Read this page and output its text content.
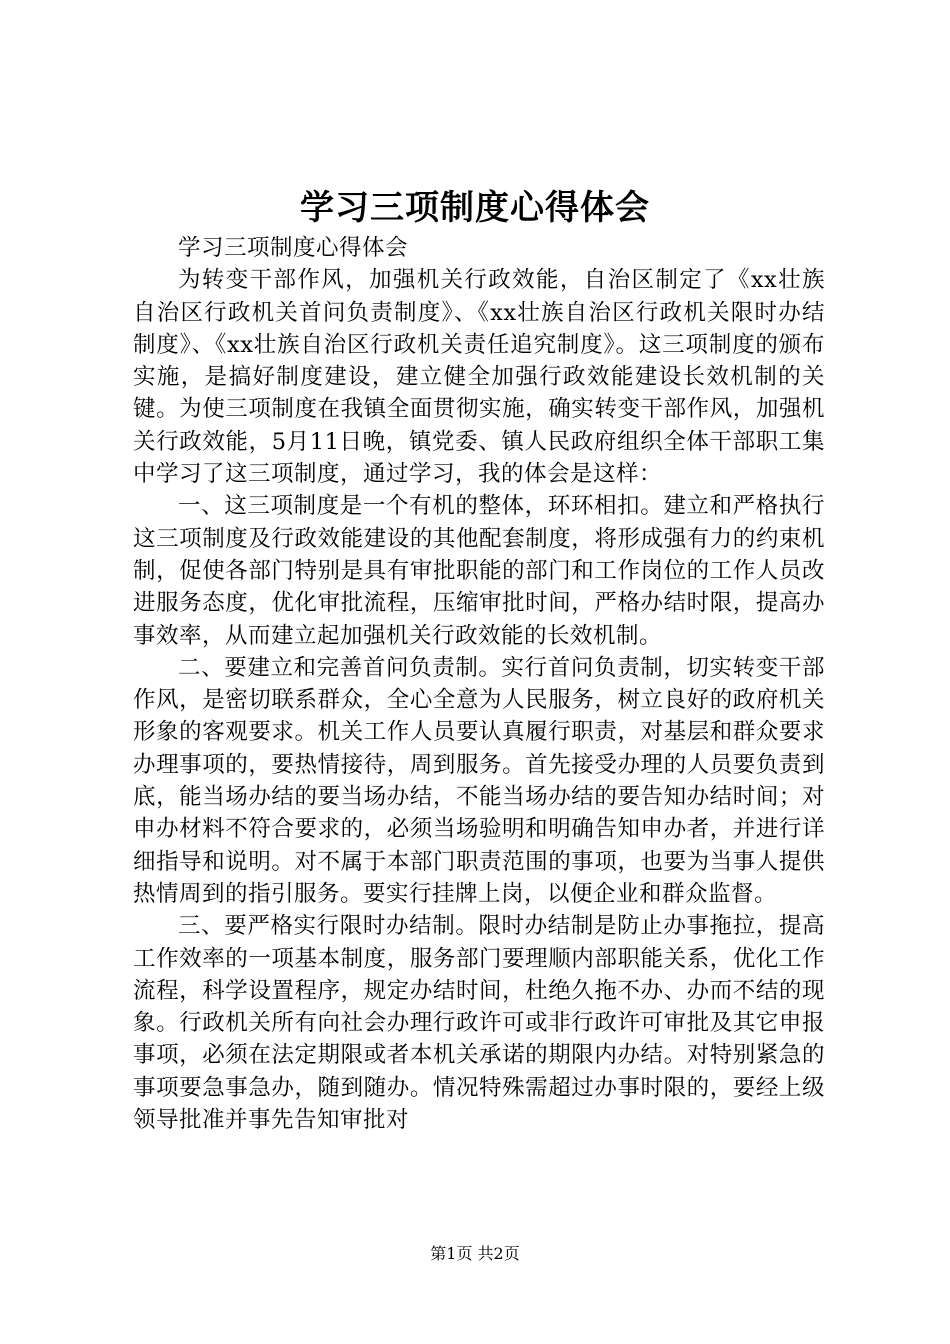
学习三项制度心得体会

学习三项制度心得体会

为转变干部作风，加强机关行政效能，自治区制定了《xx壮族自治区行政机关首问负责制度》、《xx壮族自治区行政机关限时办结制度》、《xx壮族自治区行政机关责任追究制度》。这三项制度的颁布实施，是搞好制度建设，建立健全加强行政效能建设长效机制的关键。为使三项制度在我镇全面贯彻实施，确实转变干部作风，加强机关行政效能，5月11日晚，镇党委、镇人民政府组织全体干部职工集中学习了这三项制度，通过学习，我的体会是这样：

一、这三项制度是一个有机的整体，环环相扣。建立和严格执行这三项制度及行政效能建设的其他配套制度，将形成强有力的约束机制，促使各部门特别是具有审批职能的部门和工作岗位的工作人员改进服务态度，优化审批流程，压缩审批时间，严格办结时限，提高办事效率，从而建立起加强机关行政效能的长效机制。

二、要建立和完善首问负责制。实行首问负责制，切实转变干部作风，是密切联系群众，全心全意为人民服务，树立良好的政府机关形象的客观要求。机关工作人员要认真履行职责，对基层和群众要求办理事项的，要热情接待，周到服务。首先接受办理的人员要负责到底，能当场办结的要当场办结，不能当场办结的要告知办结时间；对申办材料不符合要求的，必须当场验明和明确告知申办者，并进行详细指导和说明。对不属于本部门职责范围的事项，也要为当事人提供热情周到的指引服务。要实行挂牌上岗，以便企业和群众监督。

三、要严格实行限时办结制。限时办结制是防止办事拖拉，提高工作效率的一项基本制度，服务部门要理顺内部职能关系，优化工作流程，科学设置程序，规定办结时间，杜绝久拖不办、办而不结的现象。行政机关所有向社会办理行政许可或非行政许可审批及其它申报事项，必须在法定期限或者本机关承诺的期限内办结。对特别紧急的事项要急事急办，随到随办。情况特殊需超过办事时限的，要经上级领导批准并事先告知审批对

第1页 共2页
